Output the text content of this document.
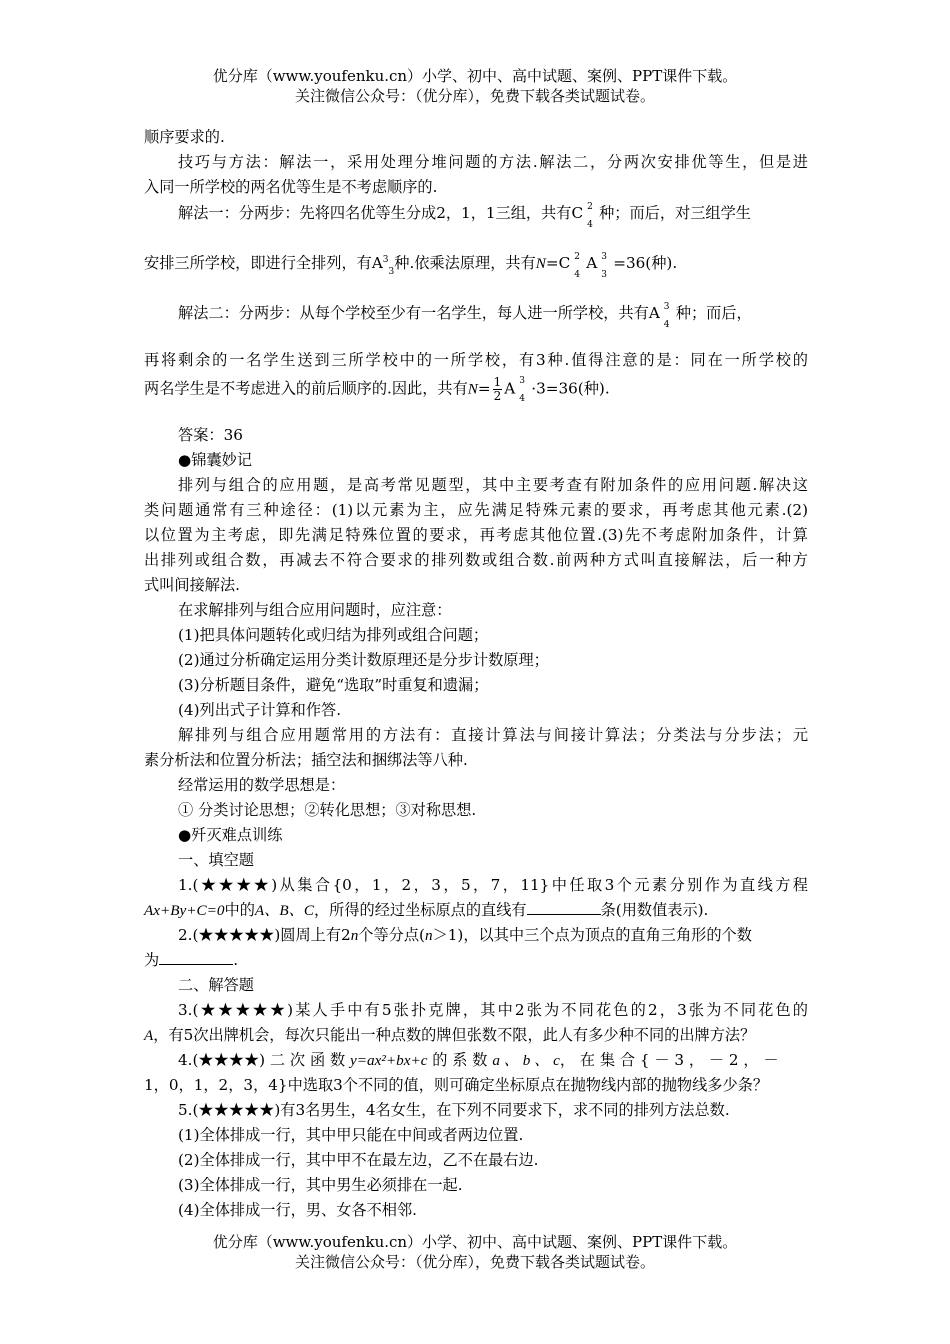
优分库（www.youfenku.cn）小学、初中、高中试题、案例、PPT课件下载。
关注微信公众号：（优分库），免费下载各类试题试卷。
顺序要求的.
技巧与方法：解法一，采用处理分堆问题的方法.解法二，分两次安排优等生，但是进
入同一所学校的两名优等生是不考虑顺序的.
解法一：分两步：先将四名优等生分成2，1，1三组，共有C 2
4
种；而后，对三组学生
安排三所学校，即进行全排列，有$A^3_3$种.依乘法原理，共有N=C 2
4
A 3
3
=36(种).
解法二：分两步：从每个学校至少有一名学生，每人进一所学校，共有A 3
4
种；而后，
再将剩余的一名学生送到三所学校中的一所学校，有3种.值得注意的是：同在一所学校的
两名学生是不考虑进入的前后顺序的.因此，共有$N= \frac{1}{2}$ A 3
4
·3=36(种).
答案：36
●锦囊妙记
排列与组合的应用题，是高考常见题型，其中主要考查有附加条件的应用问题.解决这
类问题通常有三种途径：(1)以元素为主，应先满足特殊元素的要求，再考虑其他元素.(2)
以位置为主考虑，即先满足特殊位置的要求，再考虑其他位置.(3)先不考虑附加条件，计算
出排列或组合数，再减去不符合要求的排列数或组合数.前两种方式叫直接解法，后一种方
式叫间接解法.
在求解排列与组合应用问题时，应注意：
(1)把具体问题转化或归结为排列或组合问题；
(2)通过分析确定运用分类计数原理还是分步计数原理；
(3)分析题目条件，避免“选取”时重复和遗漏；
(4)列出式子计算和作答.
解排列与组合应用题常用的方法有：直接计算法与间接计算法；分类法与分步法；元
素分析法和位置分析法；插空法和捆绑法等八种.
经常运用的数学思想是：
① 分类讨论思想；②转化思想；③对称思想.
●歼灭难点训练
一、填空题
1.(★★★★)从集合{0，1，2，3，5，7，11}中任取3个元素分别作为直线方程
Ax+By+C=0中的A、B、C，所得的经过坐标原点的直线有	条(用数值表示).
2.(★★★★★)圆周上有2n个等分点(n＞1)，以其中三个点为顶点的直角三角形的个数
为	.
二、解答题
3.(★★★★★)某人手中有5张扑克牌，其中2张为不同花色的2，3张为不同花色的
A，有5次出牌机会，每次只能出一种点数的牌但张数不限，此人有多少种不同的出牌方法？
4.(★★★★) 二 次 函 数 y=ax²+bx+c 的 系 数 a 、 b 、 c， 在 集 合 { － 3 ， － 2 ， －
1，0，1，2，3，4}中选取3个不同的值，则可确定坐标原点在抛物线内部的抛物线多少条？
5.(★★★★★)有3名男生，4名女生，在下列不同要求下，求不同的排列方法总数.
(1)全体排成一行，其中甲只能在中间或者两边位置.
(2)全体排成一行，其中甲不在最左边，乙不在最右边.
(3)全体排成一行，其中男生必须排在一起.
(4)全体排成一行，男、女各不相邻.
优分库（www.youfenku.cn）小学、初中、高中试题、案例、PPT课件下载。
关注微信公众号：（优分库），免费下载各类试题试卷。
